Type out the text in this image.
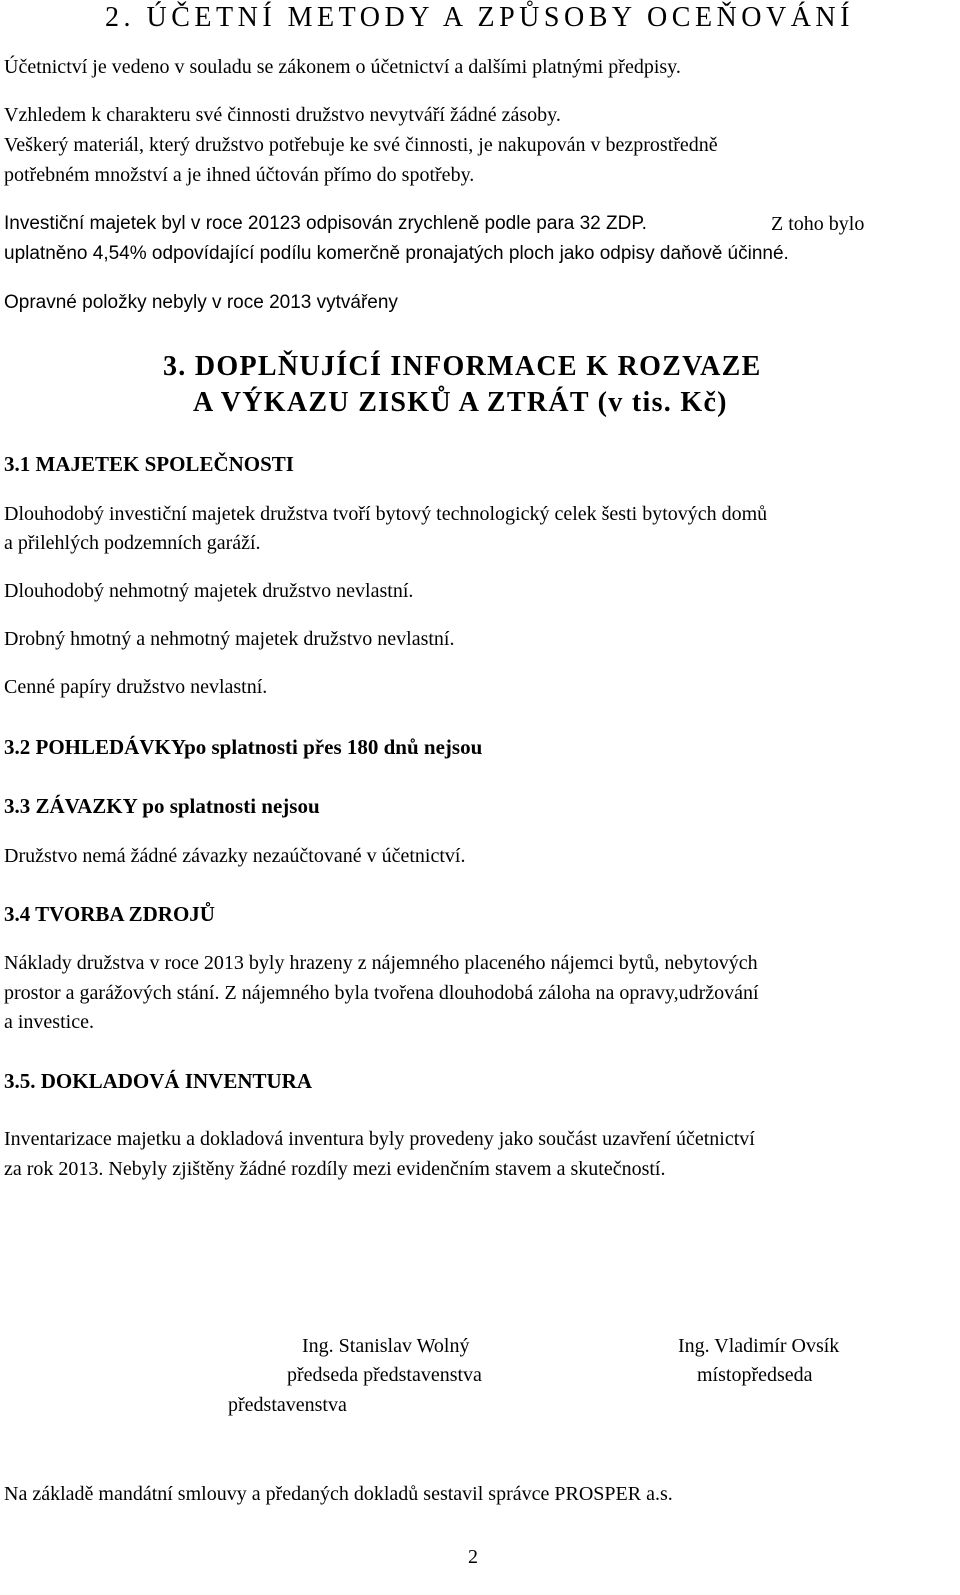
2. ÚČETNÍ METODY A ZPŮSOBY OCEŇOVÁNÍ
Účetnictví je vedeno v souladu se zákonem o účetnictví a dalšími platnými předpisy.
Vzhledem k charakteru své činnosti družstvo nevytváří žádné zásoby.
Veškerý materiál, který družstvo potřebuje ke své činnosti, je nakupován v bezprostředně
potřebném množství a je ihned účtován přímo do spotřeby.
Investiční majetek byl v roce 20123 odpisován zrychleně podle para 32 ZDP.	Z toho bylo
uplatněno 4,54% odpovídající podílu komerčně pronajatých ploch jako odpisy daňově účinné.
Opravné položky nebyly v roce 2013 vytvářeny
3. DOPLŇUJÍCÍ INFORMACE K ROZVAZE
A VÝKAZU ZISKŮ A ZTRÁT (v tis. Kč)
3.1 MAJETEK SPOLEČNOSTI
Dlouhodobý investiční majetek družstva tvoří bytový technologický celek šesti bytových domů
a přilehlých podzemních garáží.
Dlouhodobý nehmotný majetek družstvo nevlastní.
Drobný hmotný a nehmotný majetek družstvo nevlastní.
Cenné papíry družstvo nevlastní.
3.2 POHLEDÁVKYpo splatnosti přes 180 dnů nejsou
3.3 ZÁVAZKY po splatnosti nejsou
Družstvo nemá žádné závazky nezaúčtované v účetnictví.
3.4 TVORBA ZDROJŮ
Náklady družstva v roce 2013 byly hrazeny z nájemného placeného nájemci bytů, nebytových
prostor a garážových stání. Z nájemného byla tvořena dlouhodobá záloha na opravy,udržování
a investice.
3.5. DOKLADOVÁ INVENTURA
Inventarizace majetku a dokladová inventura byly provedeny jako součást uzavření účetnictví
za rok 2013. Nebyly zjištěny žádné rozdíly mezi evidenčním stavem a skutečností.
Ing. Stanislav Wolný
předseda představenstva
představenstva
Ing. Vladimír Ovsík
místopředseda
Na základě mandátní smlouvy a předaných dokladů sestavil správce PROSPER a.s.
2
